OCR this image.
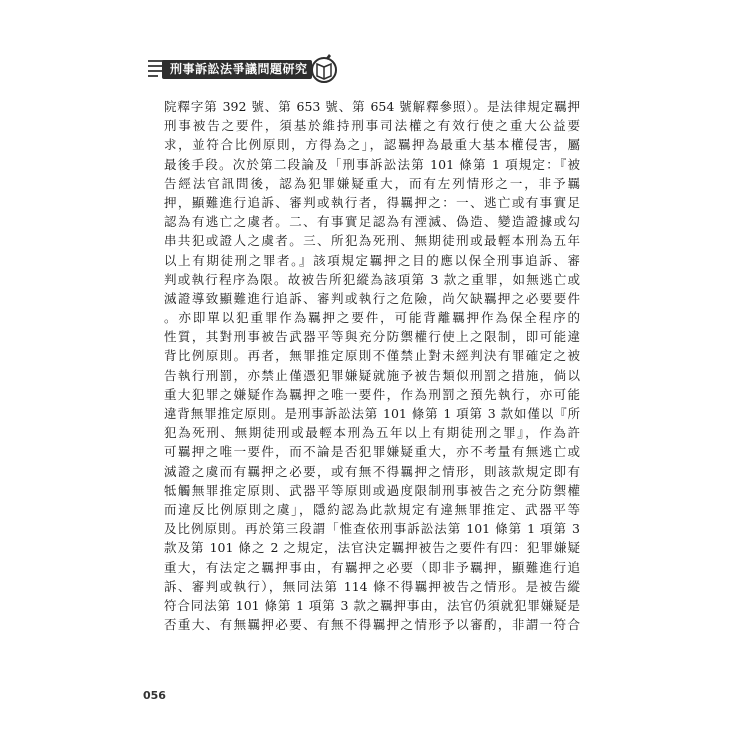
刑事訴訟法爭議問題研究

院釋字第 392 號、第 653 號、第 654 號解釋參照）。是法律規定羈押

刑事被告之要件，須基於維持刑事司法權之有效行使之重大公益要

求，並符合比例原則，方得為之」，認羈押為最重大基本權侵害，屬

最後手段。次於第二段論及「刑事訴訟法第 101 條第 1 項規定：『被

告經法官訊問後，認為犯罪嫌疑重大，而有左列情形之一，非予羈

押，顯難進行追訴、審判或執行者，得羈押之：一、逃亡或有事實足

認為有逃亡之虞者。二、有事實足認為有湮滅、偽造、變造證據或勾

串共犯或證人之虞者。三、所犯為死刑、無期徒刑或最輕本刑為五年

以上有期徒刑之罪者。』該項規定羈押之目的應以保全刑事追訴、審

判或執行程序為限。故被告所犯縱為該項第 3 款之重罪，如無逃亡或

滅證導致顯難進行追訴、審判或執行之危險，尚欠缺羈押之必要要件

。亦即單以犯重罪作為羈押之要件，可能背離羈押作為保全程序的

性質，其對刑事被告武器平等與充分防禦權行使上之限制，即可能違

背比例原則。再者，無罪推定原則不僅禁止對未經判決有罪確定之被

告執行刑罰，亦禁止僅憑犯罪嫌疑就施予被告類似刑罰之措施，倘以

重大犯罪之嫌疑作為羈押之唯一要件，作為刑罰之預先執行，亦可能

違背無罪推定原則。是刑事訴訟法第 101 條第 1 項第 3 款如僅以『所

犯為死刑、無期徒刑或最輕本刑為五年以上有期徒刑之罪』，作為許

可羈押之唯一要件，而不論是否犯罪嫌疑重大，亦不考量有無逃亡或

滅證之虞而有羈押之必要，或有無不得羈押之情形，則該款規定即有

牴觸無罪推定原則、武器平等原則或過度限制刑事被告之充分防禦權

而違反比例原則之虞」，隱約認為此款規定有違無罪推定、武器平等

及比例原則。再於第三段謂「惟查依刑事訴訟法第 101 條第 1 項第 3

款及第 101 條之 2 之規定，法官決定羈押被告之要件有四：犯罪嫌疑

重大，有法定之羈押事由，有羈押之必要（即非予羈押，顯難進行追

訴、審判或執行），無同法第 114 條不得羈押被告之情形。是被告縱

符合同法第 101 條第 1 項第 3 款之羈押事由，法官仍須就犯罪嫌疑是

否重大、有無羈押必要、有無不得羈押之情形予以審酌，非謂一符合

056
